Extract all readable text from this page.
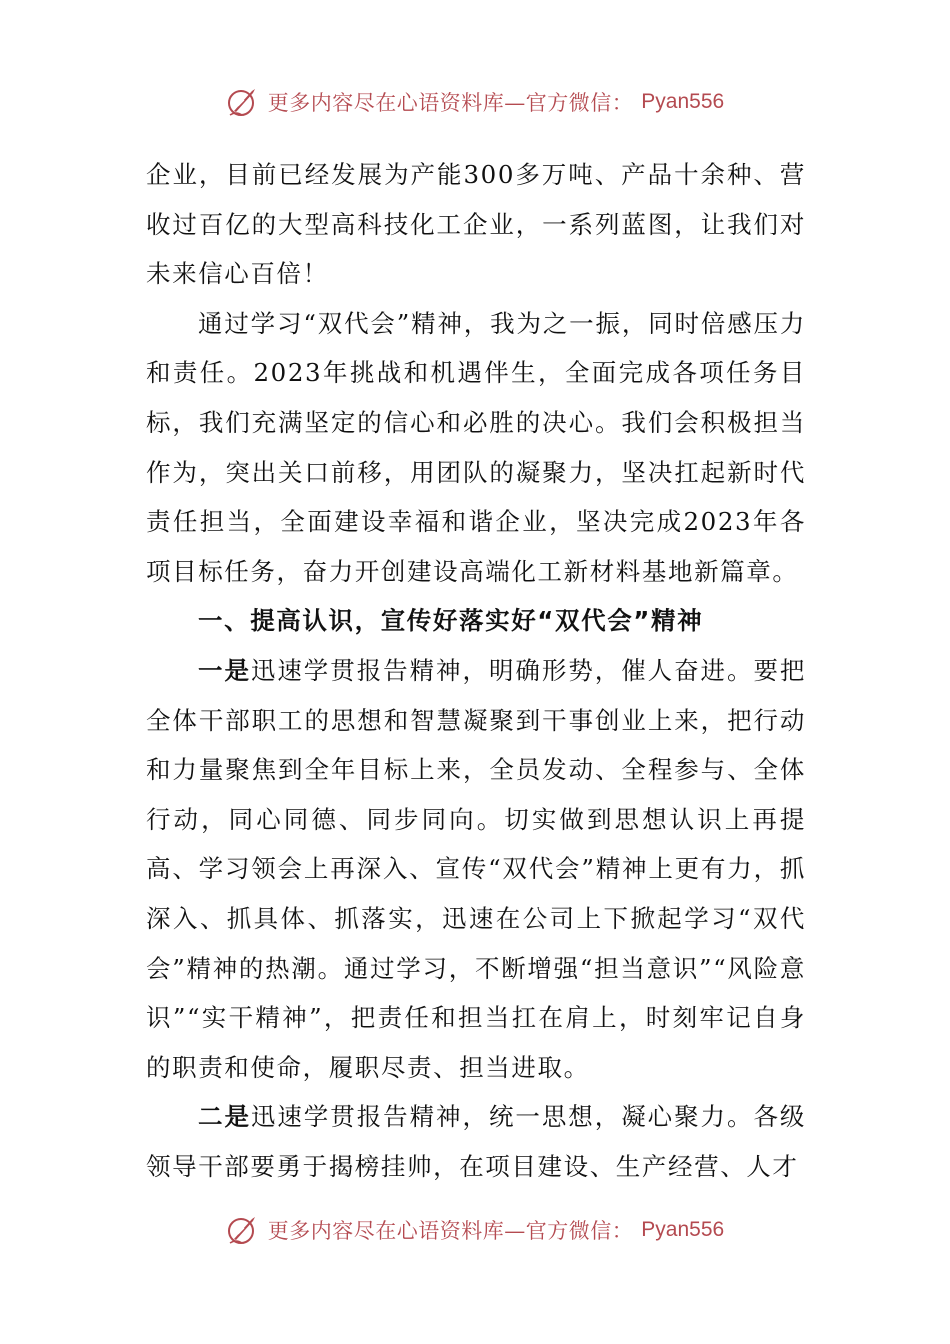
更多内容尽在心语资料库—官方微信： Pyan556

企业，目前已经发展为产能300多万吨、产品十余种、营收过百亿的大型高科技化工企业，一系列蓝图，让我们对未来信心百倍！

通过学习“双代会”精神，我为之一振，同时倍感压力和责任。2023年挑战和机遇伴生，全面完成各项任务目标，我们充满坚定的信心和必胜的决心。我们会积极担当作为，突出关口前移，用团队的凝聚力，坚决扛起新时代责任担当，全面建设幸福和谐企业，坚决完成2023年各项目标任务，奋力开创建设高端化工新材料基地新篇章。

一、提高认识，宣传好落实好“双代会”精神

一是迅速学贯报告精神，明确形势，催人奋进。要把全体干部职工的思想和智慧凝聚到干事创业上来，把行动和力量聚焦到全年目标上来，全员发动、全程参与、全体行动，同心同德、同步同向。切实做到思想认识上再提高、学习领会上再深入、宣传“双代会”精神上更有力，抓深入、抓具体、抓落实，迅速在公司上下掀起学习“双代会”精神的热潮。通过学习，不断增强“担当意识”“风险意识”“实干精神”，把责任和担当扛在肩上，时刻牢记自身的职责和使命，履职尽责、担当进取。

二是迅速学贯报告精神，统一思想，凝心聚力。各级领导干部要勇于揭榜挂帅，在项目建设、生产经营、人才

更多内容尽在心语资料库—官方微信： Pyan556
